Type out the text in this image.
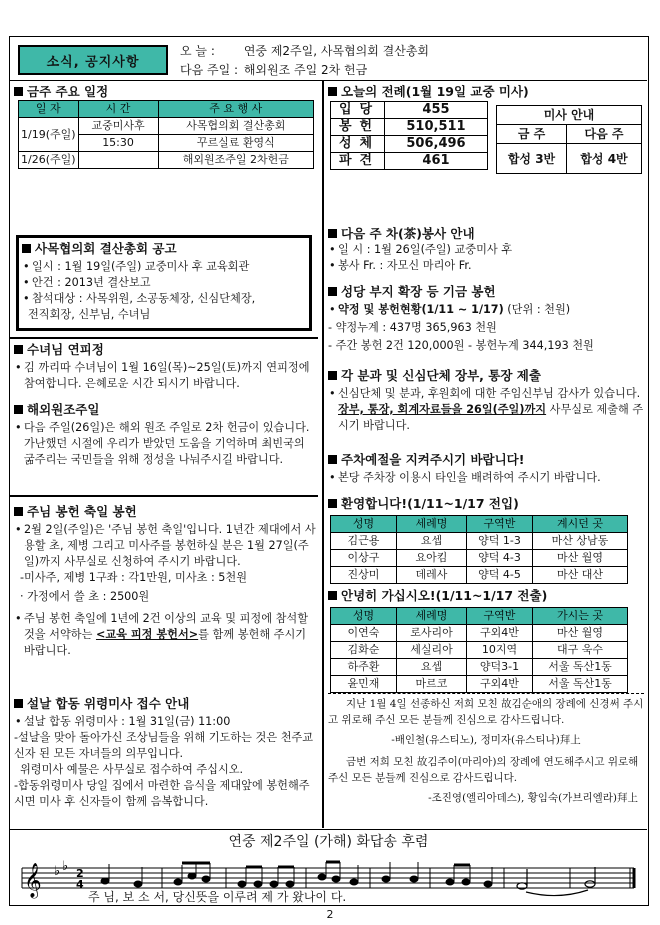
소식, 공지사항
오 늘 : 연중 제2주일, 사목협의회 결산총회
다음 주일 : 해외원조 주일 2차 헌금
금주 주요 일정
일 자	시 간	주 요 행 사
1/19(주일)	교중미사후	사목협의회 결산총회
	15:30	꾸르실료 환영식
1/26(주일)		해외원조주일 2차헌금
사목협의회 결산총회 공고
• 일시 : 1월 19일(주일) 교중미사 후 교육회관
• 안건 : 2013년 결산보고
• 참석대상 : 사목위원, 소공동체장, 신심단체장,
전직회장, 신부님, 수녀님
수녀님 연피정
• 김 까리따 수녀님이 1월 16일(목)~25일(토)까지 연피정에 참여합니다. 은혜로운 시간 되시기 바랍니다.
해외원조주일
• 다음 주일(26일)은 해외 원조 주일로 2차 헌금이 있습니다. 가난했던 시절에 우리가 받았던 도움을 기억하며 최빈국의 굶주리는 국민들을 위해 정성을 나눠주시길 바랍니다.
주님 봉헌 축일 봉헌
• 2월 2일(주일)은 '주님 봉헌 축일'입니다. 1년간 제대에서 사용할 초, 제병 그리고 미사주를 봉헌하실 분은 1월 27일(주일)까지 사무실로 신청하여 주시기 바랍니다.
-미사주, 제병 1구좌 : 각1만원, 미사초 : 5천원
· 가정에서 쓸 초 : 2500원
• 주님 봉헌 축일에 1년에 2건 이상의 교육 및 피정에 참석할 것을 서약하는 <교육 피정 봉헌서>를 함께 봉헌해 주시기 바랍니다.
설날 합동 위령미사 접수 안내
• 설날 합동 위령미사 : 1월 31일(금) 11:00
-설날을 맞아 돌아가신 조상님들을 위해 기도하는 것은 천주교 신자 된 모든 자녀들의 의무입니다.
위령미사 예물은 사무실로 접수하여 주십시오.
-합동위령미사 당일 집에서 마련한 음식을 제대앞에 봉헌해주시면 미사 후 신자들이 함께 음복합니다.
오늘의 전례(1월 19일 교중 미사)
입당	455
봉헌	510,511
성체	506,496
파견	461
미사 안내	
금 주	다음 주
합성 3반	합성 4반
다음 주 차(茶)봉사 안내
• 일 시 : 1월 26일(주일) 교중미사 후
• 봉사 Fr. : 자모신 마리아 Fr.
성당 부지 확장 등 기금 봉헌
• 약정 및 봉헌현황(1/11 ~ 1/17) (단위 : 천원)
- 약정누계 : 437명 365,963 천원
- 주간 봉헌 2건 120,000원 - 봉헌누계 344,193 천원
각 분과 및 신심단체 장부, 통장 제출
• 신심단체 및 분과, 후원회에 대한 주임신부님 감사가 있습니다. 장부, 통장, 회계자료들을 26일(주일)까지 사무실로 제출해 주시기 바랍니다.
주차예절을 지켜주시기 바랍니다!
• 본당 주차장 이용시 타인을 배려하여 주시기 바랍니다.
환영합니다!(1/11~1/17 전입)
성명	세례명	구역반	계시던 곳
김근용	요셉	양덕 1-3	마산 상남동
이상구	요아킴	양덕 4-3	마산 월영
진상미	데레사	양덕 4-5	마산 대산
안녕히 가십시오!(1/11~1/17 전출)
성명	세례명	구역반	가시는 곳
이연숙	로사리아	구외4반	마산 월영
김화순	세실리아	10지역	대구 욱수
하주환	요셉	양덕3-1	서울 독산1동
윤민재	마르코	구외4반	서울 독산1동
지난 1월 4일 선종하신 저희 모친 故김순애의 장례에 신경써 주시고 위로해 주신 모든 분들께 진심으로 감사드립니다.
-배인철(유스티노), 정미자(유스티나)拜上
금번 저희 모친 故김주이(마리아)의 장례에 연도해주시고 위로해 주신 모든 분들께 진심으로 감사드립니다.
-조진영(엘리아데스), 황임숙(가브리엘라)拜上
연중 제2주일 (가해) 화답송 후렴
𝄞 ♭ ♭ 2
4
주 님, 보 소 서, 당신뜻을 이루려 제 가 왔나이 다.
2
